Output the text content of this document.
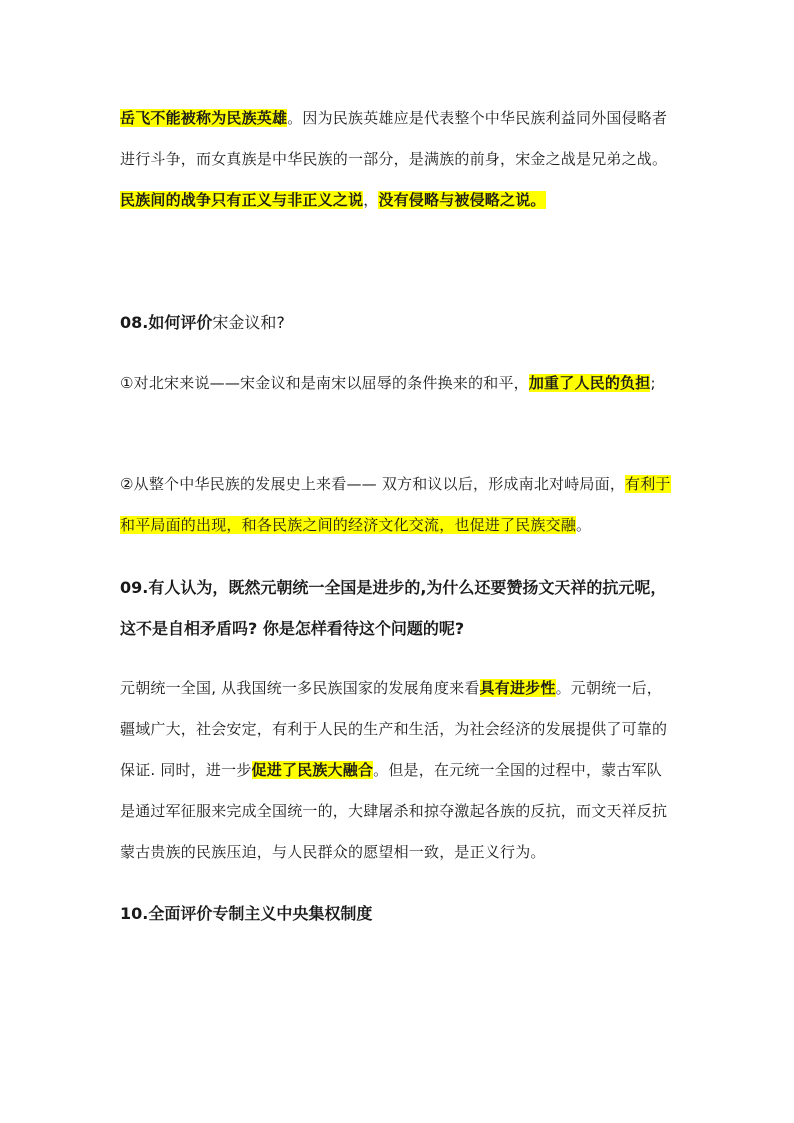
岳飞不能被称为民族英雄。因为民族英雄应是代表整个中华民族利益同外国侵略者进行斗争，而女真族是中华民族的一部分，是满族的前身，宋金之战是兄弟之战。民族间的战争只有正义与非正义之说，没有侵略与被侵略之说。

08.如何评价宋金议和?

①对北宋来说——宋金议和是南宋以屈辱的条件换来的和平，加重了人民的负担;

②从整个中华民族的发展史上来看—— 双方和议以后，形成南北对峙局面，有利于和平局面的出现，和各民族之间的经济文化交流，也促进了民族交融。

09.有人认为，既然元朝统一全国是进步的,为什么还要赞扬文天祥的抗元呢，这不是自相矛盾吗? 你是怎样看待这个问题的呢?

元朝统一全国, 从我国统一多民族国家的发展角度来看具有进步性。元朝统一后，疆域广大，社会安定，有利于人民的生产和生活，为社会经济的发展提供了可靠的保证. 同时，进一步促进了民族大融合。但是，在元统一全国的过程中，蒙古军队是通过军征服来完成全国统一的，大肆屠杀和掠夺激起各族的反抗，而文天祥反抗蒙古贵族的民族压迫，与人民群众的愿望相一致，是正义行为。

10.全面评价专制主义中央集权制度
